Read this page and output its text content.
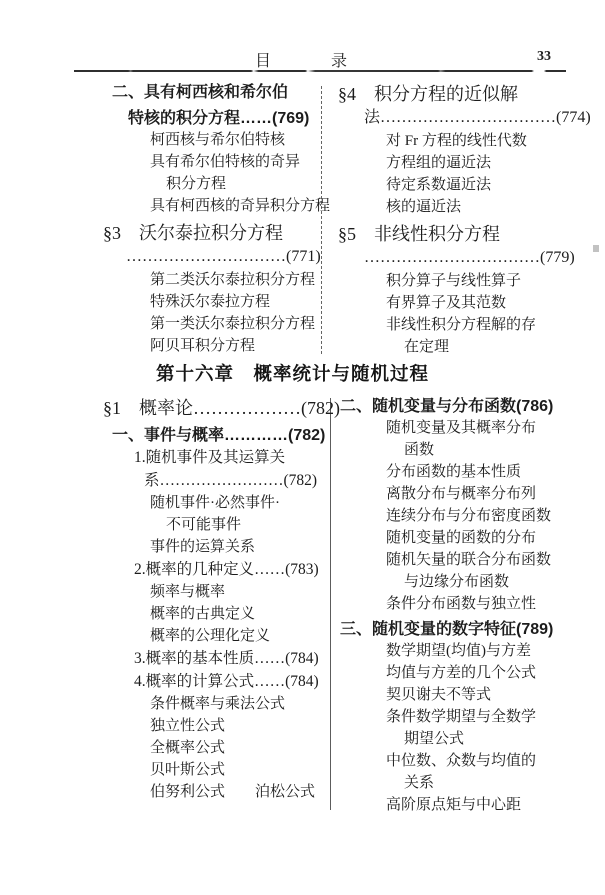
目　录	33
二、具有柯西核和希尔伯
特核的积分方程……(769)
柯西核与希尔伯特核
具有希尔伯特核的奇异
积分方程
具有柯西核的奇异积分方程
§3　沃尔泰拉积分方程
…………………………(771)
第二类沃尔泰拉积分方程
特殊沃尔泰拉方程
第一类沃尔泰拉积分方程
阿贝耳积分方程
§4　积分方程的近似解
法……………………………(774)
对 Fr 方程的线性代数
方程组的逼近法
待定系数逼近法
核的逼近法
§5　非线性积分方程
……………………………(779)
积分算子与线性算子
有界算子及其范数
非线性积分方程解的存
在定理
第十六章　概率统计与随机过程
§1　概率论………………(782)
一、事件与概率…………(782)
1.随机事件及其运算关
系……………………(782)
随机事件·必然事件·
不可能事件
事件的运算关系
2.概率的几种定义……(783)
频率与概率
概率的古典定义
概率的公理化定义
3.概率的基本性质……(784)
4.概率的计算公式……(784)
条件概率与乘法公式
独立性公式
全概率公式
贝叶斯公式
伯努利公式　　泊松公式
二、随机变量与分布函数(786)
随机变量及其概率分布
函数
分布函数的基本性质
离散分布与概率分布列
连续分布与分布密度函数
随机变量的函数的分布
随机矢量的联合分布函数
与边缘分布函数
条件分布函数与独立性
三、随机变量的数字特征(789)
数学期望(均值)与方差
均值与方差的几个公式
契贝谢夫不等式
条件数学期望与全数学
期望公式
中位数、众数与均值的
关系
高阶原点矩与中心距
